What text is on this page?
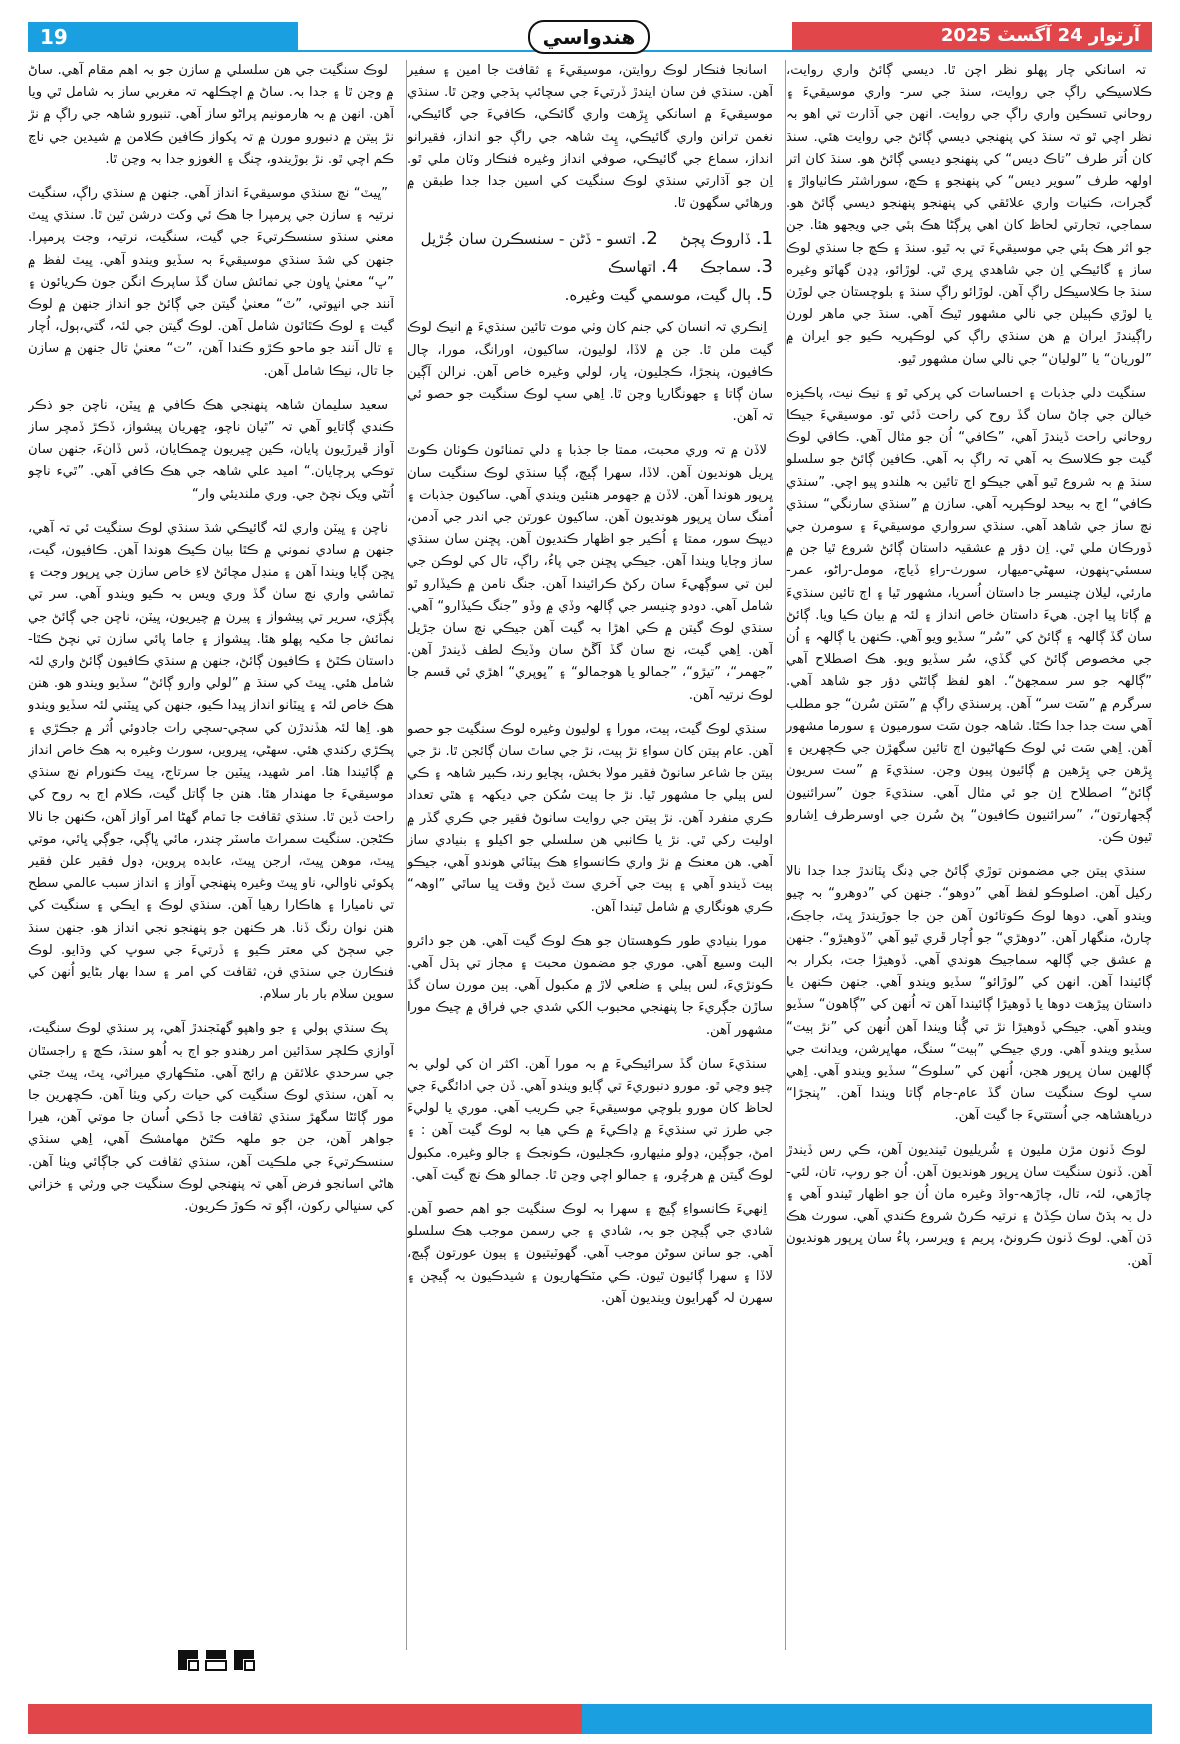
19	آرتوار 24 آگسٽ 2025
هندواسي

تہ اسانکي چار پهلو نظر اچن ٿا. ديسي ڳائڻ واري روايت، ڪلاسيڪي راڳ جي روايت، سنڌ جي سر- واري موسيقيءَ ۽ روحاني تسڪين واري راڳ جي روايت. انهن جي آڌارت تي اهو بہ نظر اچي ٿو تہ سنڌ کي پنهنجي ديسي ڳائڻ جي روايت هئي. سنڌ کان اُتر طرف ”تاڪ ديس“ کي پنهنجو ديسي ڳائڻ هو. سنڌ کان اتر اولهہ طرف ”سوير ديس“ کي پنهنجو ۽ ڪڇ، سوراشٽر ڪاٺياواڙ ۽ گجرات، ڪنيات واري علائقي کي پنهنجو پنهنجو ديسي ڳائڻ هو. سماجي، تجارتي لحاظ کان اهي پرڳڻا هڪ ٻئي جي ويجهو هئا. جن جو اثر هڪ ٻئي جي موسيقيءَ تي بہ ٿيو. سنڌ ۽ ڪڇ جا سنڌي لوڪ ساز ۽ گائيڪي اِن جي شاهدي ڀري ٿي. لوڙائو، ڍڍن گهاٽو وغيره سنڌ جا ڪلاسيڪل راڳ آهن. لوڙائو راڳ سنڌ ۽ بلوچستان جي لوڙن يا لوڙي ڪٻيلن جي نالي مشهور ٿيڪ آهي. سنڌ جي ماهر لورن راڳيندڙ ايران ۾ هن سنڌي راڳ کي لوڪپريہ ڪيو جو ايران ۾ ”لوريان“ يا ”لوليان“ جي نالي سان مشهور ٿيو.

سنگيت دلي جذبات ۽ احساسات کي پرکي ٿو ۽ نيڪ نيت، پاڪيزه خيالن جي ڄاڻ سان گڏ روح کي راحت ڏئي ٿو. موسيقيءَ جيڪا روحاني راحت ڏيندڙ آهي، ”ڪافي“ اُن جو مثال آهي. ڪافي لوڪ گيت جو ڪلاسڪ بہ آهي تہ راڳ بہ آهي. ڪافين ڳائڻ جو سلسلو سنڌ ۾ بہ شروع ٿيو آهي جيڪو اڄ تائين بہ هلندو پيو اچي. ”سنڌي ڪافي“ اڄ بہ بيحد لوڪپريہ آهي. سازن ۾ ”سنڌي سارنگي“ سنڌي نچ ساز جي شاهد آهي. سنڌي سرواري موسيقيءَ ۽ سومرن جي ڏورڪان ملي ٿي. اِن دؤر ۾ عشقيہ داستان ڳائڻ شروع ٿيا جن ۾ سسئي-پنهون، سهڻي-ميهار، سورٺ-راءِ ڏياچ، مومل-راڻو، عمر-مارئي، ليلان چنيسر جا داستان اُسريا، مشهور ٿيا ۽ اڄ تائين سنڌيءَ ۾ ڳاتا پيا اچن. هيءَ داستان خاص انداز ۽ لئہ ۾ بيان ڪيا ويا. ڳائڻ سان گڏ ڳالهہ ۽ ڳائڻ کي ”سُر“ سڏيو ويو آهي. ڪنهن يا ڳالهہ ۽ اُن جي مخصوص ڳائڻ کي گڏي، سُر سڏيو ويو. هڪ اصطلاح آهي ”ڳالهہ جو سر سمجهڻ“. اهو لفظ ڳائڻي دؤر جو شاهد آهي. سرگرم ۾ ”سَت سر“ آهن. پرسنڌي راڳ ۾ ”سَتن سُرن“ جو مطلب آهي ست جدا جدا ڪٿا. شاهہ جون سَت سورميون ۽ سورما مشهور آهن. اِهي سَت ئي لوڪ ڪهاڻيون اڄ تائين سگهڙن جي ڪچهرين ۽ پِڙهن جي پِڙهين ۾ ڳائيون پيون وڃن. سنڌيءَ ۾ ”ست سريون ڳائڻ“ اصطلاح اِن جو ئي مثال آهي. سنڌيءَ جون ”سرائنيون ڳجهارتون“، ”سرائنيون ڪافيون“ پڻ سُرن جي اوسرطرف اِشارو ٿيون ڪن.

سنڌي ٻيتن جي مضمونن توڙي ڳائڻ جي ڍنگ پٽاندڙ جدا جدا نالا رکيل آهن. اصلوڪو لفظ آهي ”دوهو“. جنهن کي ”دوهرو“ بہ چيو ويندو آهي. دوها لوڪ ڪوتائون آهن جن جا جوڙيندڙ ڀٽ، جاجڪ، چارڻ، منگهار آهن. ”دوهڙي“ جو اُچار ڦري ٿيو آهي ”ڏوهيڙو“. جنهن ۾ عشق جي ڳالهہ سماجيڪ هوندي آهي. ڏوهيڙا جت، بکرار بہ ڳائيندا آهن. انهن کي ”لوڙائو“ سڏيو ويندو آهي. جنهن ڪنهن يا داستان پيڙهت دوها يا ڏوهيڙا ڳائيندا آهن تہ اُنهن کي ”ڳاهون“ سڏيو ويندو آهي. جيڪي ڏوهيڙا نڙ تي ڳُنا ويندا آهن اُنهن کي ”نڙ ٻيت“ سڏيو ويندو آهي. وري جيڪي ”ٻيت“ سنگ، مهاڀرشن، ويدانت جي ڳالهين سان ڀرپور هجن، اُنهن کي ”سلوڪ“ سڏيو ويندو آهي. اِهي سڀ لوڪ سنگيت سان گڏ عام-جام ڳاتا ويندا آهن. ”پنجڙا“ درياهشاهہ جي اُستتيءَ جا گيت آهن.

لوڪ ڏنون مڙن مليون ۽ شُريليون ٿينديون آهن، ڪي رس ڏيندڙ آهن. ڏنون سنگيت سان ڀرپور هونديون آهن. اُن جو روپ، تان، لئي-چاڙهي، لئہ، تال، چاڙهہ-واڌ وغيره مان اُن جو اظهار ٿيندو آهي ۽ دل بہ ٻڌڻ سان ڪِڏڻ ۽ نرتيہ ڪرڻ شروع ڪندي آهي. سورٺ هڪ ڌن آهي. لوڪ ڏنون ڪرونڻ، پريم ۽ ويرسر، پاءُ سان ڀرپور هونديون آهن.

اسانجا فنڪار لوڪ روايتن، موسيقيءَ ۽ ثقافت جا امين ۽ سفير آهن. سنڌي فن سان ايندڙ ڏرتيءَ جي سچائپ ٻڌجي وڃن ٿا. سنڌي موسيقيءَ ۾ اسانکي پِڙهت واري گائڪي، ڪافيءَ جي گائيڪي، نغمن ترانن واري گائيڪي، ڀِٽ شاهہ جي راڳ جو انداز، فقيرانو انداز، سماع جي گائيڪي، صوفي انداز وغيره فنڪار وٽان ملي ٿو. اِن جو آڌارتي سنڌي لوڪ سنگيت کي اسين جدا جدا طبقن ۾ ورهائي سگهون ٿا.

1. ڏاروڪ پڄڻ
2. اتسو - ڏڻن - سنسڪرن سان جُڙيل
3. سماجڪ
4. اتهاسڪ
5. ٻال گيت، موسمي گيت وغيره.

اِنڪري تہ انسان کي جنم کان وٺي موت تائين سنڌيءَ ۾ انيڪ لوڪ گيت ملن ٿا. جن ۾ لاڏا، لوليون، ساکيون، اورانگ، مورا، چال ڪافيون، پنجڙا، ڪجليون، ڀار، لولي وغيره خاص آهن. نرالن آڳين سان ڳاتا ۽ جهونگاريا وڃن ٿا. اِهي سڀ لوڪ سنگيت جو حصو ئي تہ آهن.

لاڏن ۾ تہ وري محبت، ممتا جا جذبا ۽ دلي تمنائون ڪوٺان ڪوٽ ڀريل هونديون آهن. لاڏا، سهرا ڳيچ، ڳيا سنڌي لوڪ سنگيت سان ڀرپور هوندا آهن. لاڏن ۾ جهومر هنئين ويندي آهي. ساکيون جذبات ۽ اُمنگ سان ڀرپور هونديون آهن. ساکيون عورتن جي اندر جي آدمن، ديپڪ سور، ممتا ۽ اُڪير جو اظهار ڪنديون آهن. پڇنن سان سنڌي ساز وڄايا ويندا آهن. جيڪي پڇنن جي پاءُ، راڳ، تال کي لوڪن جي لبن تي سوڳهيءَ سان رکڻ ڪرائيندا آهن. جنگ نامن ۾ ڪيڏارو ٿو شامل آهي. دودو چنيسر جي ڳالهہ وڏي ۾ وڏو ”جنگ ڪيڏارو“ آهي. سنڌي لوڪ گيتن ۾ ڪي اهڙا بہ گيت آهن جيڪي نچ سان جڙيل آهن. اِهي گيت، نچ سان گڏ اَڱڻ سان وڏيڪ لطف ڏيندڙ آهن. ”جهمر“، ”تيڙو“، ”جمالو يا هوجمالو“ ۽ ”ڀوپري“ اهڙي ئي قسم جا لوڪ نرتيہ آهن.

سنڌي لوڪ گيت، ٻيت، مورا ۽ لوليون وغيره لوڪ سنگيت جو حصو آهن. عام ٻيتن کان سواءِ نڙ ٻيت، نڙ جي ساٿ سان ڳائجن ٿا. نڙ جي ٻيتن جا شاعر سانوڻ فقير مولا بخش، ٻچايو رند، ڪبير شاهہ ۽ ڪي لس ٻيلي جا مشهور ٿيا. نڙ جا ٻيت سُکن جي ديکهہ ۽ هٿي تعداد ڪري منفرد آهن. نڙ ٻيتن جي روايت سانوڻ فقير جي ڪري گڏر ۾ اوليت رکي ٿي. نڙ يا ڪانبي هن سلسلي جو اکيلو ۽ بنيادي ساز آهي. هن معنڪ ۾ نڙ واري ڪانسواءِ هڪ ٻيٽائي هوندو آهي، جيڪو ٻيت ڏيندو آهي ۽ ٻيت جي آخري سٽ ڏيڻ وقت ڀيا ساٿي ”اوهہ“ ڪري هونگاري ۾ شامل ٿيندا آهن.

مورا بنيادي طور ڪوهستان جو هڪ لوڪ گيت آهي. هن جو دائرو البت وسيع آهي. موري جو مضمون محبت ۽ مجاز تي ٻڌل آهي. ڪونڙيءَ، لس ٻيلي ۽ ضلعي لاڙ ۾ مکبول آهي. ٻين مورن سان گڏ ساڙن جڳريءَ جا پنهنجي محبوب الکي شدي جي فراق ۾ چيڪ مورا مشهور آهن.

سنڌيءَ سان گڏ سرائيڪيءَ ۾ بہ مورا آهن. اکثر ان کي لولي بہ چيو وڃي ٿو. مورو دنبوريءَ تي ڳايو ويندو آهي. ڏن جي ادائگيءَ جي لحاظ کان مورو بلوچي موسيقيءَ جي ڪريب آهي. موري يا لوليءَ جي طرز تي سنڌيءَ ۾ ڍاڪيءَ ۾ ڪي هيا بہ لوڪ گيت آهن : ۽ امڻ، جوڳين، ڍولو مٺيهارو، ڪجليون، ڪونجڪ ۽ جالو وغيره. مکبول لوڪ گيتن ۾ هرچُرو، ۽ جمالو اچي وڃن ٿا. جمالو هڪ نچ گيت آهي.

اِنهيءَ ڪانسواءِ ڳيچ ۽ سهرا بہ لوڪ سنگيت جو اهم حصو آهن. شادي جي ڳيچن جو بہ، شادي ۽ جي رسمن موجب هڪ سلسلو آهي. جو سانن سوڻن موجب آهي. گهوٽيتيون ۽ ٻيون عورتون ڳيچ، لاڏا ۽ سهرا ڳائيون ٿيون. ڪي مٽڪهاريون ۽ شيدڪيون بہ ڳيچن ۽ سهرن لہ گهرايون وينديون آهن.

لوڪ سنگيت جي هن سلسلي ۾ سازن جو بہ اهم مقام آهي. ساڻ ۾ وڃن ٿا ۽ جدا بہ. ساڻ ۾ اچڪلهہ تہ مغربي ساز بہ شامل ٿي ويا آهن. انهن ۾ بہ هارمونيم پراڻو ساز آهي. تنبورو شاهہ جي راڳ ۾ نڙ نڙ ٻيتن ۾ دنبورو مورن ۾ تہ پکواز ڪافين ڪلامن ۾ شيدين جي ناچ ڪم اچي ٿو. نڙ بوڙيندو، چنگ ۽ الغوزو جدا بہ وڃن ٿا.

”ڀيٽ“ نچ سنڌي موسيقيءَ انداز آهي. جنهن ۾ سنڌي راڳ، سنگيت نرتيہ ۽ سازن جي پرمپرا جا هڪ ئي وکت درشن ٿين ٿا. سنڌي ڀيٽ معني سنڌو سنسڪرتيءَ جي گيت، سنگيت، نرتيہ، وجت پرمپرا. جنهن کي شڌ سنڌي موسيقيءَ بہ سڏيو ويندو آهي. ڀيٽ لفظ ۾ ”ڀ“ معنيٰ ڀاون جي نمائش سان گڏ ساپرڪ انگن جون ڪريائون ۽ آنند جي انڀوتي، ”ٿ“ معنيٰ گيتن جي ڳائڻ جو انداز جنهن ۾ لوڪ گيت ۽ لوڪ ڪٿائون شامل آهن. لوڪ گيتن جي لئہ، گتي،ٻول، اُچار ۽ تال آنند جو ماحو ڪڙو ڪندا آهن، ”ت“ معنيٰ تال جنهن ۾ سازن جا تال، نيڪا شامل آهن.

سعيد سليمان شاهہ پنهنجي هڪ ڪافي ۾ ڀيٽن، ناچن جو ذڪر ڪندي ڳاتايو آهي تہ ”ٿيان ناچو، ڇهريان پيشواز، ڏڪڙ ڏمچر ساز آواز ڦيرڙيون پايان، ڪين ڇيريون ڇمڪايان، ڏس ڏانءَ، جنهن سان توڪي پرچايان.“ اميد علي شاهہ جي هڪ ڪافي آهي. ”ٿيء ناچو اُتڻي ويک نچڻ جي. وري ملنديئي وار“

ناچن ۽ ڀيٽن واري لئہ گائيڪي شڌ سنڌي لوڪ سنگيت ئي تہ آهي، جنهن ۾ سادي نموني ۾ ڪٿا بيان ڪيڪ هوندا آهن. ڪافيون، گيت، ڀڇن ڳايا ويندا آهن ۽ منڊل مچائڻ لاءِ خاص سازن جي ڀرپور وجت ۽ تماشي واري نچ سان گڏ وري ويس بہ ڪيو ويندو آهي. سر تي پڳڙي، سرير تي پيشواز ۽ پيرن ۾ چيريون، ڀيٽن، ناچن جي ڳائڻ جي نمائش جا مکيہ پهلو هئا. پيشواز ۽ جاما پائي سازن تي نچڻ ڪٿا-داستان ڪٿڻ ۽ ڪافيون ڳائڻ، جنهن ۾ سنڌي ڪافيون ڳائڻ واري لئہ شامل هئي. ڀيٽ کي سنڌ ۾ ”لولي وارو ڳائڻ“ سڏيو ويندو هو. هنن هڪ خاص لئہ ۽ ڀيٽانو انداز پيدا ڪيو، جنهن کي ڀيٽني لئہ سڏيو ويندو هو. اِها لئہ هڏندڙن کي سڄي-سڄي رات جادوئي اُثر ۾ جڪڙي ۽ پڪڙي رکندي هئي. سهڻي، ڀيرويں، سورٺ وغيره بہ هڪ خاص انداز ۾ ڳائيندا هئا. امر شهيد، ڀيٽين جا سرتاج، ڀيٽ ڪنورام نچ سنڌي موسيقيءَ جا مهندار هئا. هنن جا ڳاتل گيت، ڪلام اڄ بہ روح کي راحت ڏين ٿا. سنڌي ثقافت جا تمام گهڻا امر آواز آهن، ڪنهن جا نالا ڪڻجن. سنگيت سمراٽ ماسٽر چندر، مائي ڀاڳي، جوڳي ڀائي، موتي ڀيٽ، موهن ڀيٽ، ارجن ڀيٽ، عابده پروين، ڊول فقير علن فقير پکوئي ناوالي، ناو ڀيٽ وغيره پنهنجي آواز ۽ انداز سبب عالمي سطح تي ناميارا ۽ هاڪارا رهيا آهن. سنڌي لوڪ ۽ ايڪي ۽ سنگيت کي هنن نوان رنگ ڏنا. هر ڪنهن جو پنهنجو نجي انداز هو. جنهن سنڌ جي سڄڻ کي معتر ڪيو ۽ ڏرتيءَ جي سوڀ کي وڌايو. لوڪ فنڪارن جي سنڌي فن، ثقافت کي امر ۽ سدا بهار بڻايو اُنهن کي سوين سلام بار بار سلام.

پڪ سنڌي ٻولي ۽ جو واهپو گهٽجندڙ آهي، پر سنڌي لوڪ سنگيت، آوازي ڪلچر سڌائين امر رهندو جو اڄ بہ اُهو سنڌ، ڪڇ ۽ راجسٿان جي سرحدي علائقن ۾ رائج آهي. مٽڪهاري ميراثي، ڀٽ، ڀيٽ جتي بہ آهن، سنڌي لوڪ سنگيت کي حيات رکي ويٺا آهن. ڪچهرين جا مور ڳائڻا سگهڙ سنڌي ثقافت جا ڏڪي اُسان جا موتي آهن، هيرا جواهر آهن، جن جو ملهہ ڪٿڻ مهامشڪ آهي، اِهي سنڌي سنسڪرتيءَ جي ملڪيت آهن، سنڌي ثقافت کي جاڳائي ويٺا آهن. هاڻي اسانجو فرض آهي تہ پنهنجي لوڪ سنگيت جي ورثي ۽ خزاني کي سنڀالي رکون، اڳو تہ ڪوڙ ڪريون.
